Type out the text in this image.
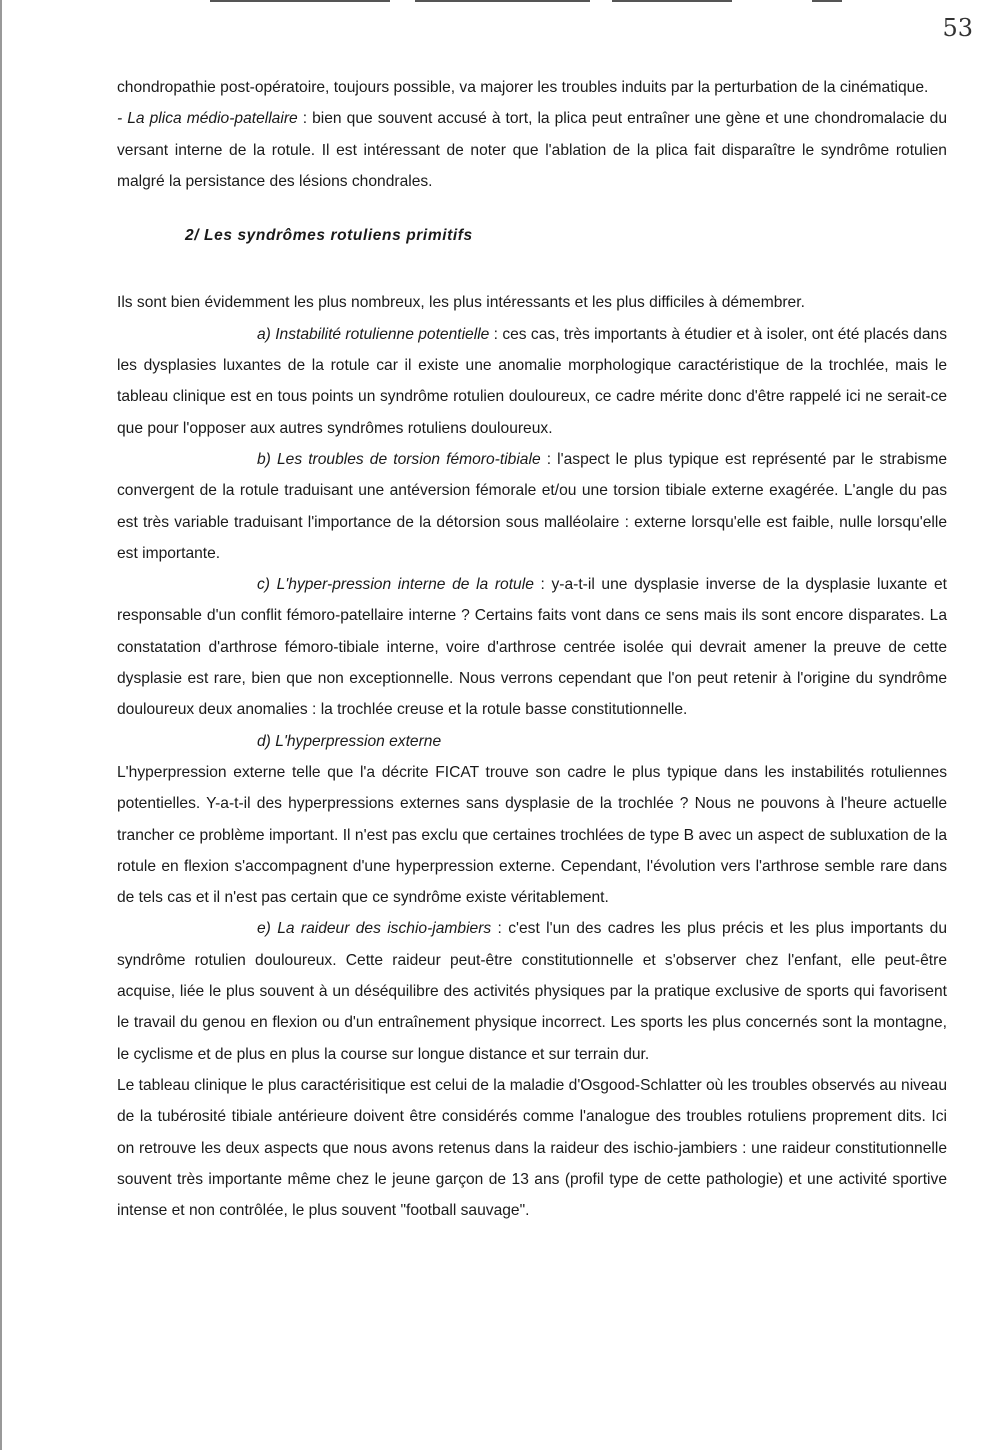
53

chondropathie post-opératoire, toujours possible, va majorer les troubles induits par la perturbation de la cinématique.

- La plica médio-patellaire : bien que souvent accusé à tort, la plica peut entraîner une gène et une chondromalacie du versant interne de la rotule. Il est intéressant de noter que l'ablation de la plica fait disparaître le syndrôme rotulien malgré la persistance des lésions chondrales.

2/ Les syndrômes rotuliens primitifs

Ils sont bien évidemment les plus nombreux, les plus intéressants et les plus difficiles à démembrer.

a) Instabilité rotulienne potentielle : ces cas, très importants à étudier et à isoler, ont été placés dans les dysplasies luxantes de la rotule car il existe une anomalie morphologique caractéristique de la trochlée, mais le tableau clinique est en tous points un syndrôme rotulien douloureux, ce cadre mérite donc d'être rappelé ici ne serait-ce que pour l'opposer aux autres syndrômes rotuliens douloureux.

b) Les troubles de torsion fémoro-tibiale : l'aspect le plus typique est représenté par le strabisme convergent de la rotule traduisant une antéversion fémorale et/ou une torsion tibiale externe exagérée. L'angle du pas est très variable traduisant l'importance de la détorsion sous malléolaire : externe lorsqu'elle est faible, nulle lorsqu'elle est importante.

c) L'hyper-pression interne de la rotule : y-a-t-il une dysplasie inverse de la dysplasie luxante et responsable d'un conflit fémoro-patellaire interne ? Certains faits vont dans ce sens mais ils sont encore disparates. La constatation d'arthrose fémoro-tibiale interne, voire d'arthrose centrée isolée qui devrait amener la preuve de cette dysplasie est rare, bien que non exceptionnelle. Nous verrons cependant que l'on peut retenir à l'origine du syndrôme douloureux deux anomalies : la trochlée creuse et la rotule basse constitutionnelle.

d) L'hyperpression externe

L'hyperpression externe telle que l'a décrite FICAT trouve son cadre le plus typique dans les instabilités rotuliennes potentielles. Y-a-t-il des hyperpressions externes sans dysplasie de la trochlée ? Nous ne pouvons à l'heure actuelle trancher ce problème important. Il n'est pas exclu que certaines trochlées de type B avec un aspect de subluxation de la rotule en flexion s'accompagnent d'une hyperpression externe. Cependant, l'évolution vers l'arthrose semble rare dans de tels cas et il n'est pas certain que ce syndrôme existe véritablement.

e) La raideur des ischio-jambiers : c'est l'un des cadres les plus précis et les plus importants du syndrôme rotulien douloureux. Cette raideur peut-être constitutionnelle et s'observer chez l'enfant, elle peut-être acquise, liée le plus souvent à un déséquilibre des activités physiques par la pratique exclusive de sports qui favorisent le travail du genou en flexion ou d'un entraînement physique incorrect. Les sports les plus concernés sont la montagne, le cyclisme et de plus en plus la course sur longue distance et sur terrain dur.

Le tableau clinique le plus caractérisitique est celui de la maladie d'Osgood-Schlatter où les troubles observés au niveau de la tubérosité tibiale antérieure doivent être considérés comme l'analogue des troubles rotuliens proprement dits. Ici on retrouve les deux aspects que nous avons retenus dans la raideur des ischio-jambiers : une raideur constitutionnelle souvent très importante même chez le jeune garçon de 13 ans (profil type de cette pathologie) et une activité sportive intense et non contrôlée, le plus souvent "football sauvage".
